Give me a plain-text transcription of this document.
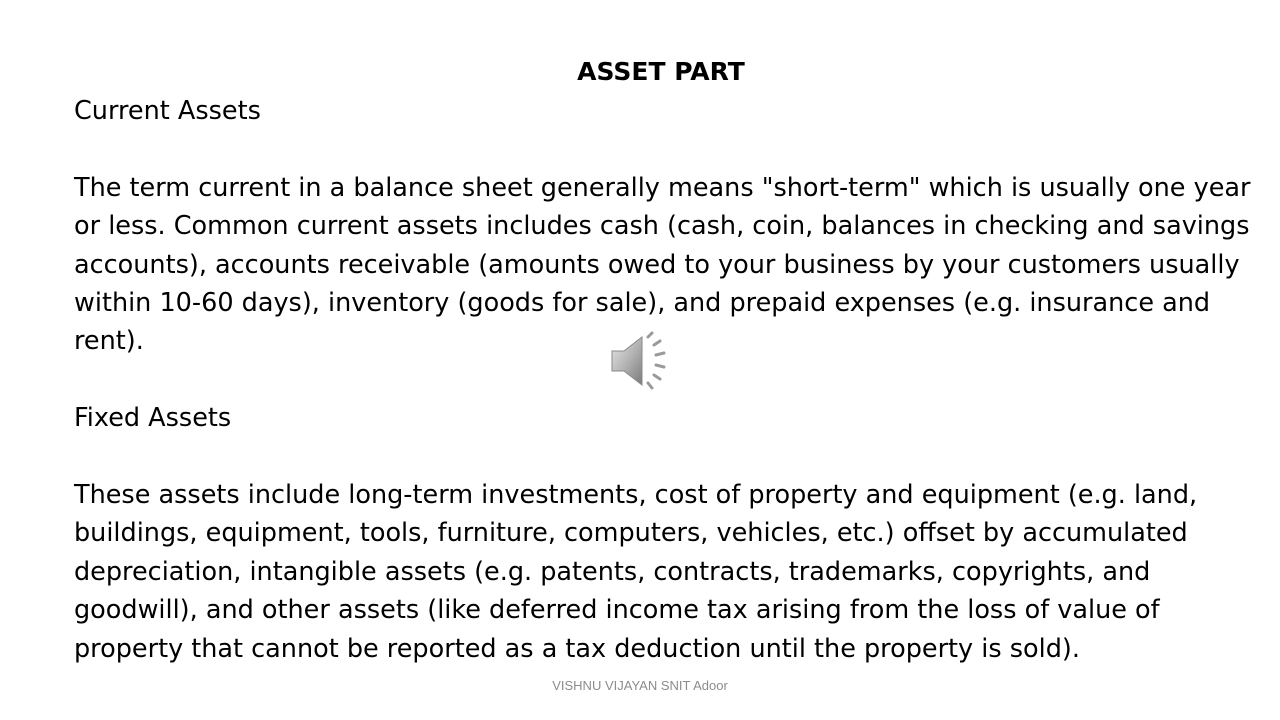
ASSET PART
Current Assets
The term current in a balance sheet generally means "short-term" which is usually one year or less. Common current assets includes cash (cash, coin, balances in checking and savings accounts), accounts receivable (amounts owed to your business by your customers usually within 10-60 days), inventory (goods for sale), and prepaid expenses (e.g. insurance and rent).
Fixed Assets
These assets include long-term investments, cost of property and equipment (e.g. land, buildings, equipment, tools, furniture, computers, vehicles, etc.) offset by accumulated depreciation, intangible assets (e.g. patents, contracts, trademarks, copyrights, and goodwill), and other assets (like deferred income tax arising from the loss of value of property that cannot be reported as a tax deduction until the property is sold).
VISHNU VIJAYAN SNIT Adoor
